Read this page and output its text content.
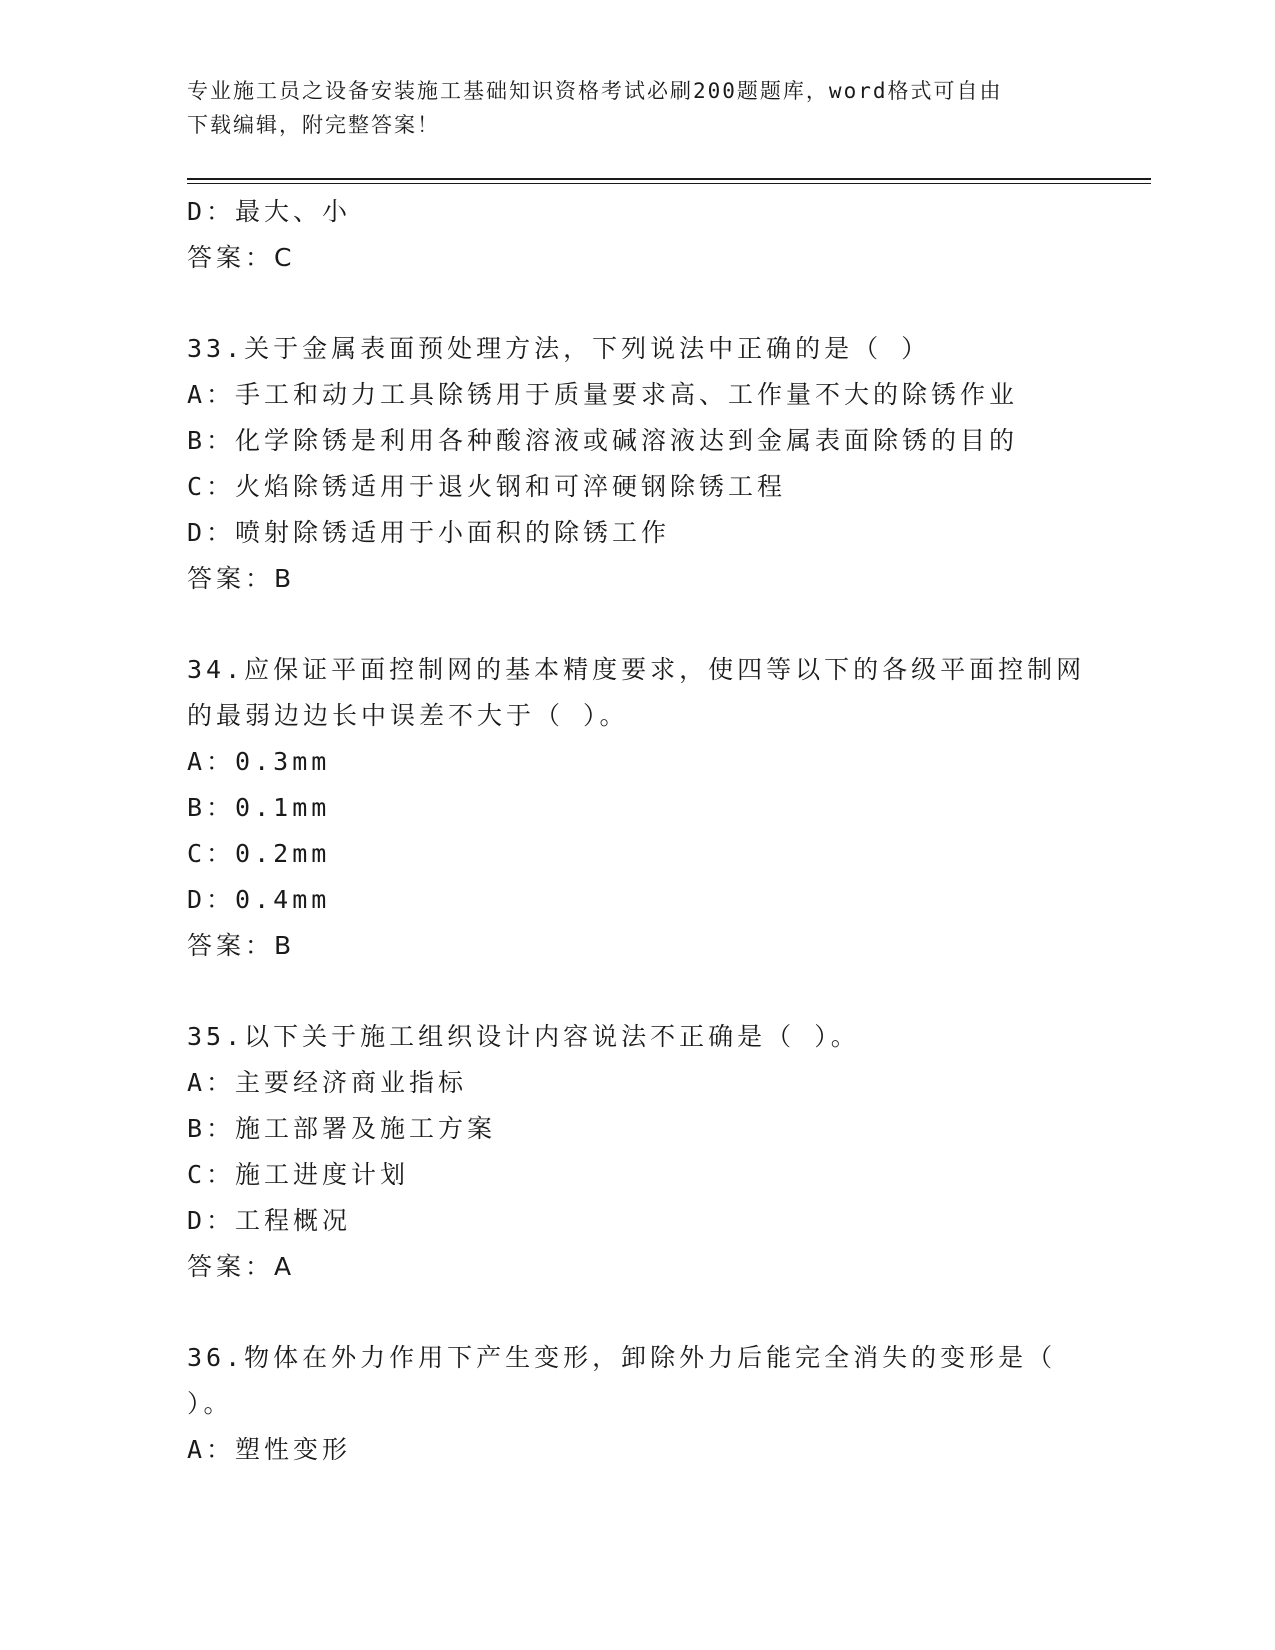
专业施工员之设备安装施工基础知识资格考试必刷200题题库，word格式可自由
下载编辑，附完整答案！
D：最大、小
答案：C
33.关于金属表面预处理方法，下列说法中正确的是（ ）
A：手工和动力工具除锈用于质量要求高、工作量不大的除锈作业
B：化学除锈是利用各种酸溶液或碱溶液达到金属表面除锈的目的
C：火焰除锈适用于退火钢和可淬硬钢除锈工程
D：喷射除锈适用于小面积的除锈工作
答案：B
34.应保证平面控制网的基本精度要求，使四等以下的各级平面控制网
的最弱边边长中误差不大于（ ）。
A：0.3mm
B：0.1mm
C：0.2mm
D：0.4mm
答案：B
35.以下关于施工组织设计内容说法不正确是（ ）。
A：主要经济商业指标
B：施工部署及施工方案
C：施工进度计划
D：工程概况
答案：A
36.物体在外力作用下产生变形，卸除外力后能完全消失的变形是（
）。
A：塑性变形
